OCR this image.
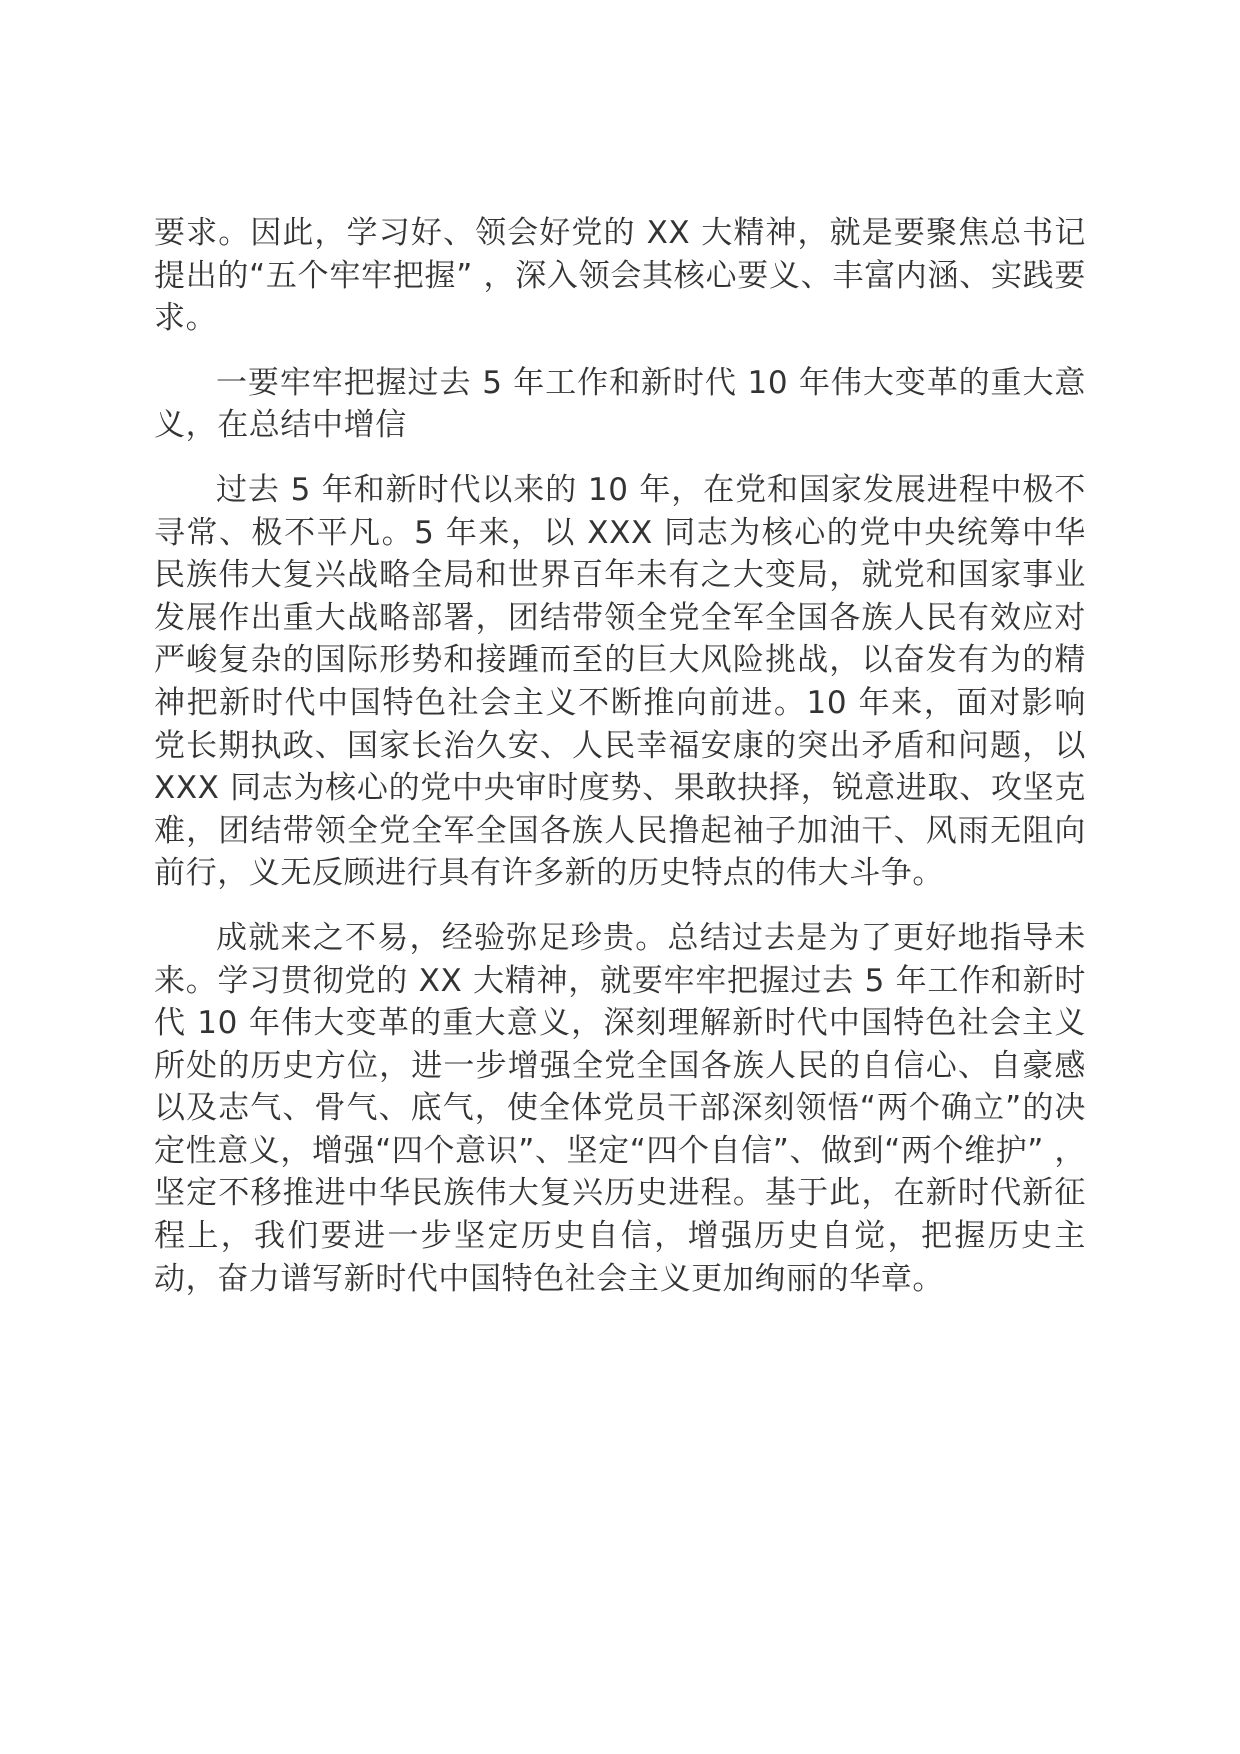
要求。因此，学习好、领会好党的 XX 大精神，就是要聚焦总书记提出的“五个牢牢把握” ，深入领会其核心要义、丰富内涵、实践要求。

一要牢牢把握过去 5 年工作和新时代 10 年伟大变革的重大意义，在总结中增信

过去 5 年和新时代以来的 10 年，在党和国家发展进程中极不寻常、极不平凡。5 年来，以 XXX 同志为核心的党中央统筹中华民族伟大复兴战略全局和世界百年未有之大变局，就党和国家事业发展作出重大战略部署，团结带领全党全军全国各族人民有效应对严峻复杂的国际形势和接踵而至的巨大风险挑战，以奋发有为的精神把新时代中国特色社会主义不断推向前进。10 年来，面对影响党长期执政、国家长治久安、人民幸福安康的突出矛盾和问题，以 XXX 同志为核心的党中央审时度势、果敢抉择，锐意进取、攻坚克难，团结带领全党全军全国各族人民撸起袖子加油干、风雨无阻向前行，义无反顾进行具有许多新的历史特点的伟大斗争。

成就来之不易，经验弥足珍贵。总结过去是为了更好地指导未来。学习贯彻党的 XX 大精神，就要牢牢把握过去 5 年工作和新时代 10 年伟大变革的重大意义，深刻理解新时代中国特色社会主义所处的历史方位，进一步增强全党全国各族人民的自信心、自豪感以及志气、骨气、底气，使全体党员干部深刻领悟“两个确立”的决定性意义，增强“四个意识”、坚定“四个自信”、做到“两个维护” ，坚定不移推进中华民族伟大复兴历史进程。基于此，在新时代新征程上，我们要进一步坚定历史自信，增强历史自觉，把握历史主动，奋力谱写新时代中国特色社会主义更加绚丽的华章。
